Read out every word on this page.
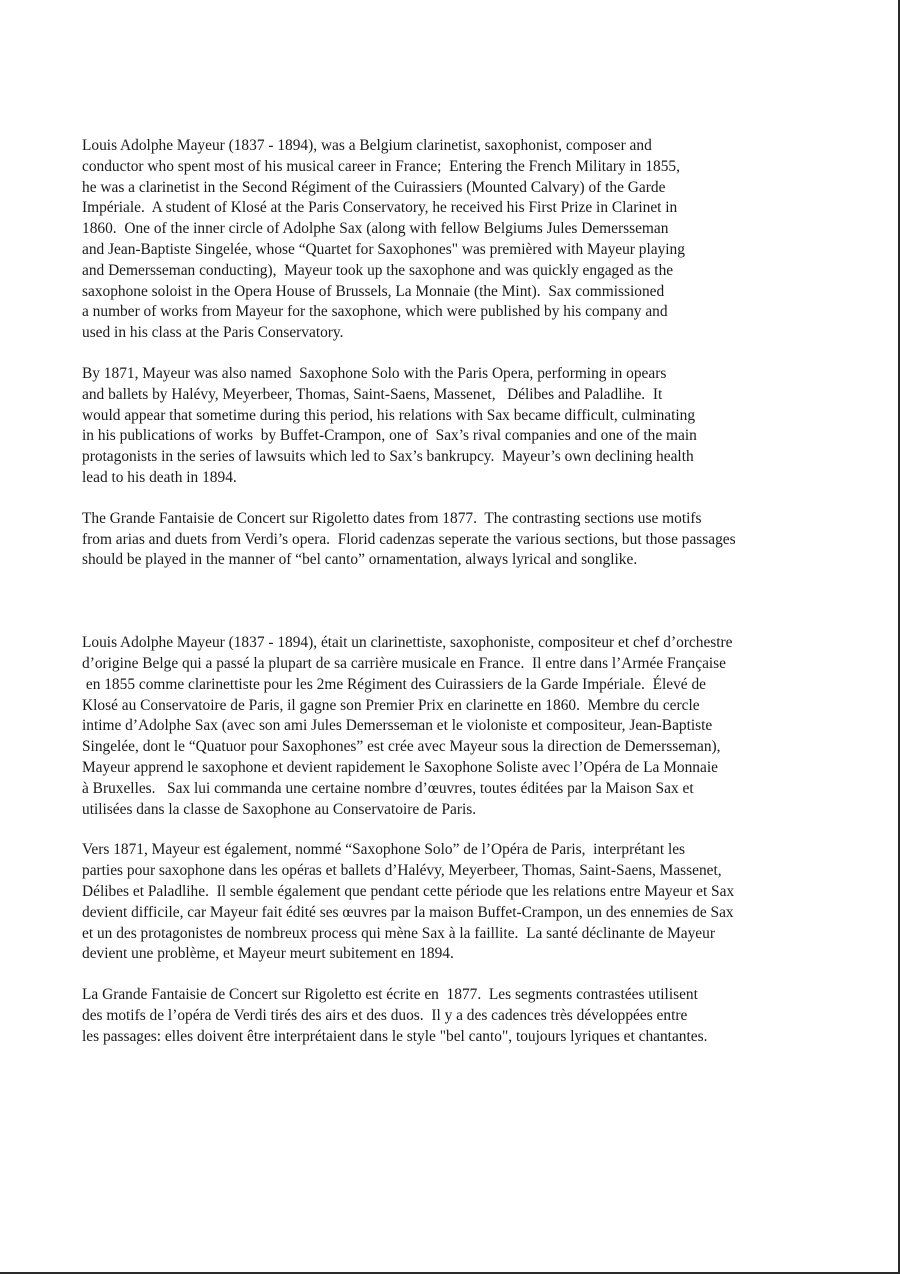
Louis Adolphe Mayeur (1837 - 1894), was a Belgium clarinetist, saxophonist, composer and
conductor who spent most of his musical career in France;  Entering the French Military in 1855,
he was a clarinetist in the Second Régiment of the Cuirassiers (Mounted Calvary) of the Garde
Impériale.  A student of Klosé at the Paris Conservatory, he received his First Prize in Clarinet in
1860.  One of the inner circle of Adolphe Sax (along with fellow Belgiums Jules Demersseman
and Jean-Baptiste Singelée, whose “Quartet for Saxophones" was premièred with Mayeur playing
and Demersseman conducting),  Mayeur took up the saxophone and was quickly engaged as the
saxophone soloist in the Opera House of Brussels, La Monnaie (the Mint).  Sax commissioned
a number of works from Mayeur for the saxophone, which were published by his company and
used in his class at the Paris Conservatory.

By 1871, Mayeur was also named  Saxophone Solo with the Paris Opera, performing in opears
and ballets by Halévy, Meyerbeer, Thomas, Saint-Saens, Massenet,   Délibes and Paladlihe.  It
would appear that sometime during this period, his relations with Sax became difficult, culminating
in his publications of works  by Buffet-Crampon, one of  Sax’s rival companies and one of the main
protagonists in the series of lawsuits which led to Sax’s bankrupcy.  Mayeur’s own declining health
lead to his death in 1894.

The Grande Fantaisie de Concert sur Rigoletto dates from 1877.  The contrasting sections use motifs
from arias and duets from Verdi’s opera.  Florid cadenzas seperate the various sections, but those passages
should be played in the manner of “bel canto” ornamentation, always lyrical and songlike.

Louis Adolphe Mayeur (1837 - 1894), était un clarinettiste, saxophoniste, compositeur et chef d’orchestre
d’origine Belge qui a passé la plupart de sa carrière musicale en France.  Il entre dans l’Armée Française
en 1855 comme clarinettiste pour les 2me Régiment des Cuirassiers de la Garde Impériale.  Élevé de
Klosé au Conservatoire de Paris, il gagne son Premier Prix en clarinette en 1860.  Membre du cercle
intime d’Adolphe Sax (avec son ami Jules Demersseman et le violoniste et compositeur, Jean-Baptiste
Singelée, dont le “Quatuor pour Saxophones” est crée avec Mayeur sous la direction de Demersseman),
Mayeur apprend le saxophone et devient rapidement le Saxophone Soliste avec l’Opéra de La Monnaie
à Bruxelles.   Sax lui commanda une certaine nombre d’œuvres, toutes éditées par la Maison Sax et
utilisées dans la classe de Saxophone au Conservatoire de Paris.

Vers 1871, Mayeur est également, nommé “Saxophone Solo” de l’Opéra de Paris,  interprétant les
parties pour saxophone dans les opéras et ballets d’Halévy, Meyerbeer, Thomas, Saint-Saens, Massenet,
Délibes et Paladlihe.  Il semble également que pendant cette période que les relations entre Mayeur et Sax
devient difficile, car Mayeur fait édité ses œuvres par la maison Buffet-Crampon, un des ennemies de Sax
et un des protagonistes de nombreux process qui mène Sax à la faillite.  La santé déclinante de Mayeur
devient une problème, et Mayeur meurt subitement en 1894.

La Grande Fantaisie de Concert sur Rigoletto est écrite en  1877.  Les segments contrastées utilisent
des motifs de l’opéra de Verdi tirés des airs et des duos.  Il y a des cadences très développées entre
les passages: elles doivent être interprétaient dans le style "bel canto", toujours lyriques et chantantes.
